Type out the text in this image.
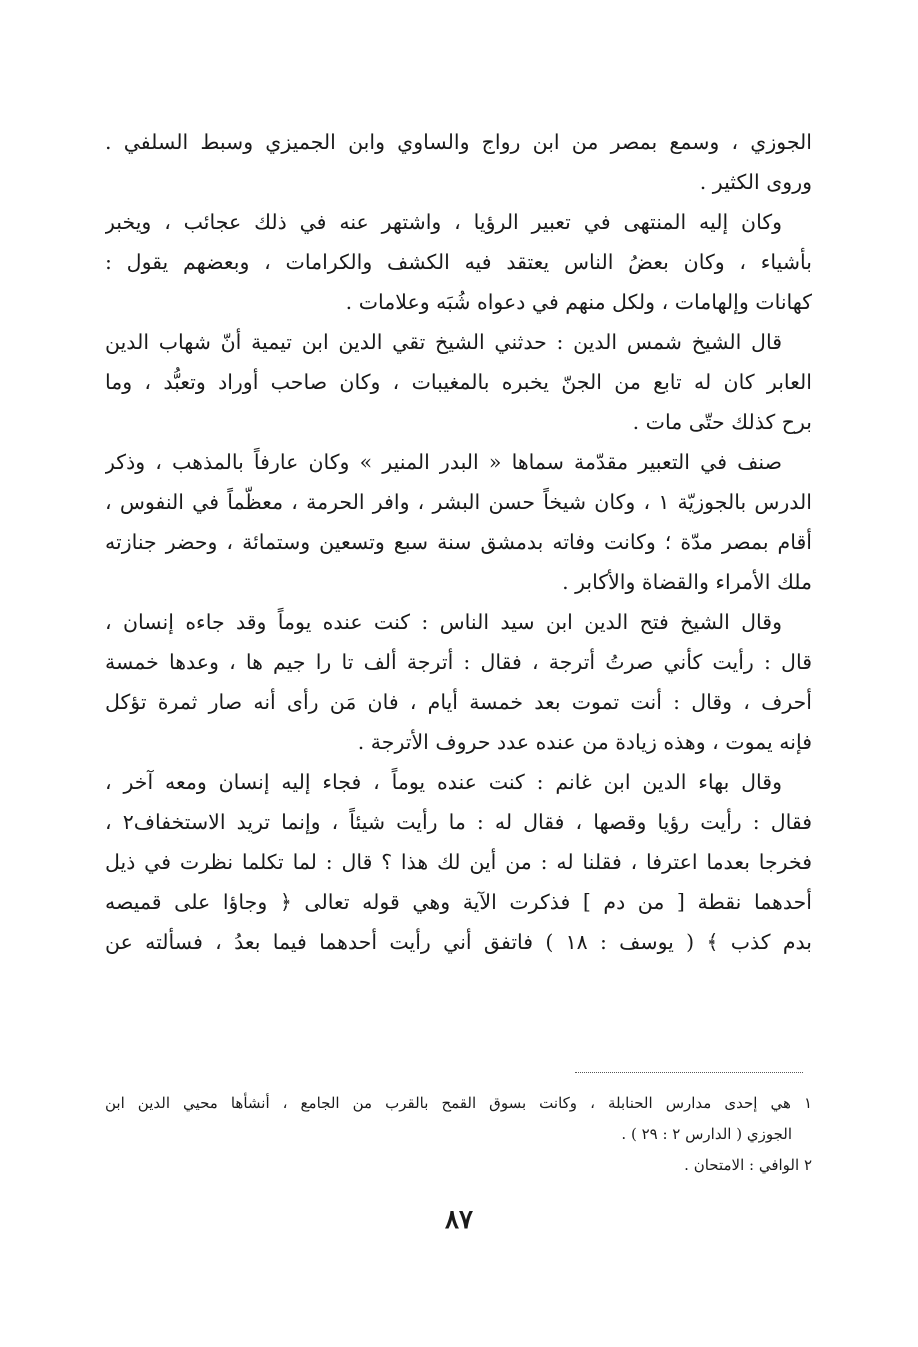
الجوزي ، وسمع بمصر من ابن رواج والساوي وابن الجميزي وسبط السلفي .
وروى الكثير .
وكان إليه المنتهى في تعبير الرؤيا ، واشتهر عنه في ذلك عجائب ، ويخبر
بأشياء ، وكان بعضُ الناس يعتقد فيه الكشف والكرامات ، وبعضهم يقول :
كهانات وإلهامات ، ولكل منهم في دعواه شُبَه وعلامات .
قال الشيخ شمس الدين : حدثني الشيخ تقي الدين ابن تيمية أنّ شهاب الدين
العابر كان له تابع من الجنّ يخبره بالمغيبات ، وكان صاحب أوراد وتعبُّد ، وما
برح كذلك حتّى مات .
صنف في التعبير مقدّمة سماها « البدر المنير » وكان عارفاً بالمذهب ، وذكر
الدرس بالجوزيّة ١ ، وكان شيخاً حسن البشر ، وافر الحرمة ، معظّماً في النفوس ،
أقام بمصر مدّة ؛ وكانت وفاته بدمشق سنة سبع وتسعين وستمائة ، وحضر جنازته
ملك الأمراء والقضاة والأكابر .
وقال الشيخ فتح الدين ابن سيد الناس : كنت عنده يوماً وقد جاءه إنسان ،
قال : رأيت كأني صرتُ أترجة ، فقال : أترجة ألف تا را جيم ها ، وعدها خمسة
أحرف ، وقال : أنت تموت بعد خمسة أيام ، فان مَن رأى أنه صار ثمرة تؤكل
فإنه يموت ، وهذه زيادة من عنده عدد حروف الأترجة .
وقال بهاء الدين ابن غانم : كنت عنده يوماً ، فجاء إليه إنسان ومعه آخر ،
فقال : رأيت رؤيا وقصها ، فقال له : ما رأيت شيئاً ، وإنما تريد الاستخفاف٢ ،
فخرجا بعدما اعترفا ، فقلنا له : من أين لك هذا ؟ قال : لما تكلما نظرت في ذيل
أحدهما نقطة [ من دم ] فذكرت الآية وهي قوله تعالى ﴿ وجاؤا على قميصه
بدم كذب ﴾ ( يوسف : ١٨ ) فاتفق أني رأيت أحدهما فيما بعدُ ، فسألته عن
١ هي إحدى مدارس الحنابلة ، وكانت بسوق القمح بالقرب من الجامع ، أنشأها محيي الدين ابن
الجوزي ( الدارس ٢ : ٢٩ ) .
٢ الوافي : الامتحان .
٨٧
